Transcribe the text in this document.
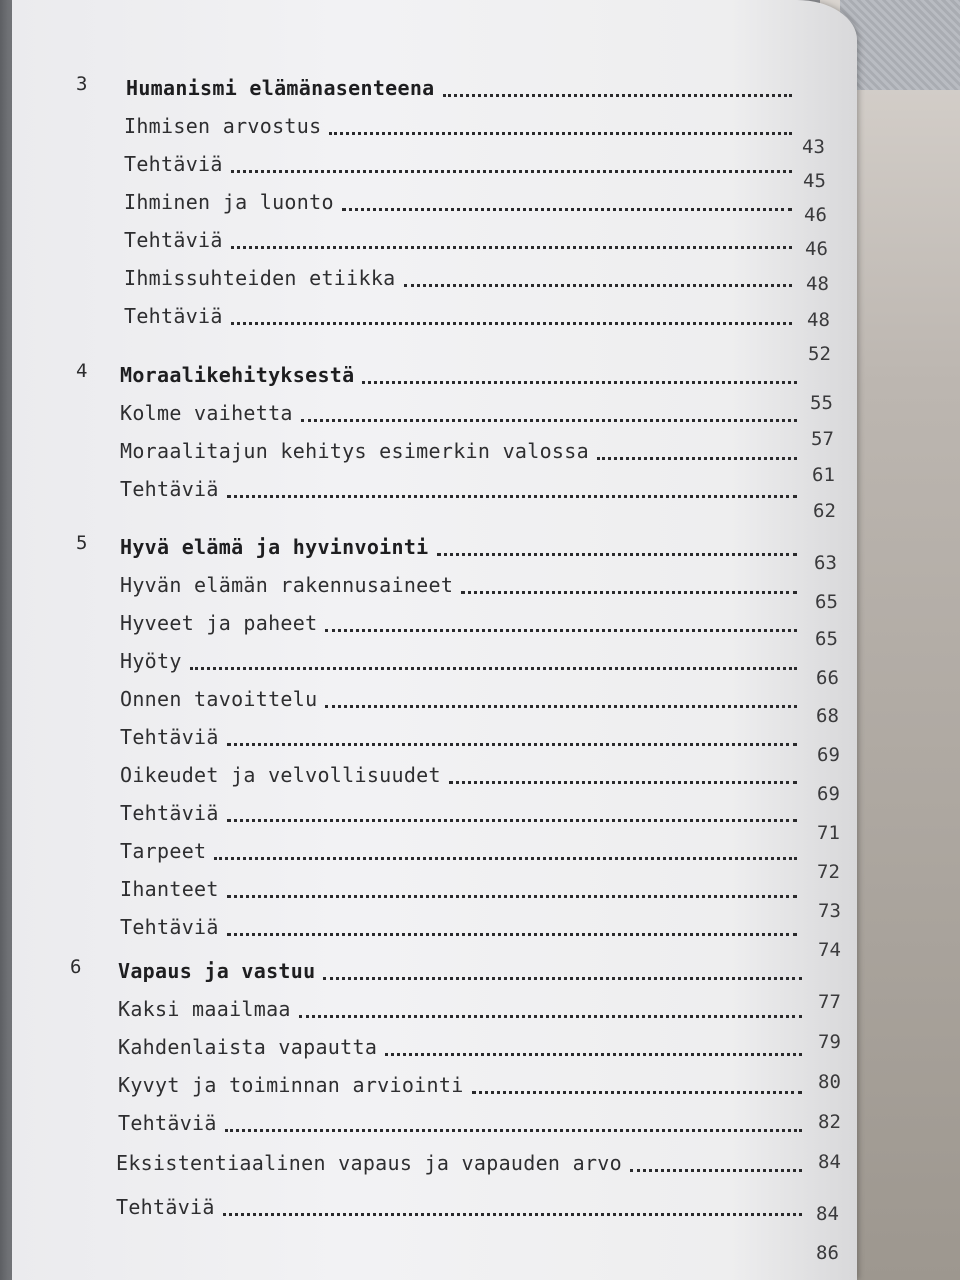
3 Humanismi elämänasenteena
Ihmisen arvostus
Tehtäviä
Ihminen ja luonto
Tehtäviä
Ihmissuhteiden etiikka
Tehtäviä
4 Moraalikehityksestä
Kolme vaihetta
Moraalitajun kehitys esimerkin valossa
Tehtäviä
5 Hyvä elämä ja hyvinvointi
Hyvän elämän rakennusaineet
Hyveet ja paheet
Hyöty
Onnen tavoittelu
Tehtäviä
Oikeudet ja velvollisuudet
Tehtäviä
Tarpeet
Ihanteet
Tehtäviä
6 Vapaus ja vastuu
Kaksi maailmaa
Kahdenlaista vapautta
Kyvyt ja toiminnan arviointi
Tehtäviä
Eksistentiaalinen vapaus ja vapauden arvo
Tehtäviä
43
45
46
46
48
48
52
55
57
61
62
63
65
65
66
68
69
69
71
72
73
74
77
79
80
82
84
84
86
